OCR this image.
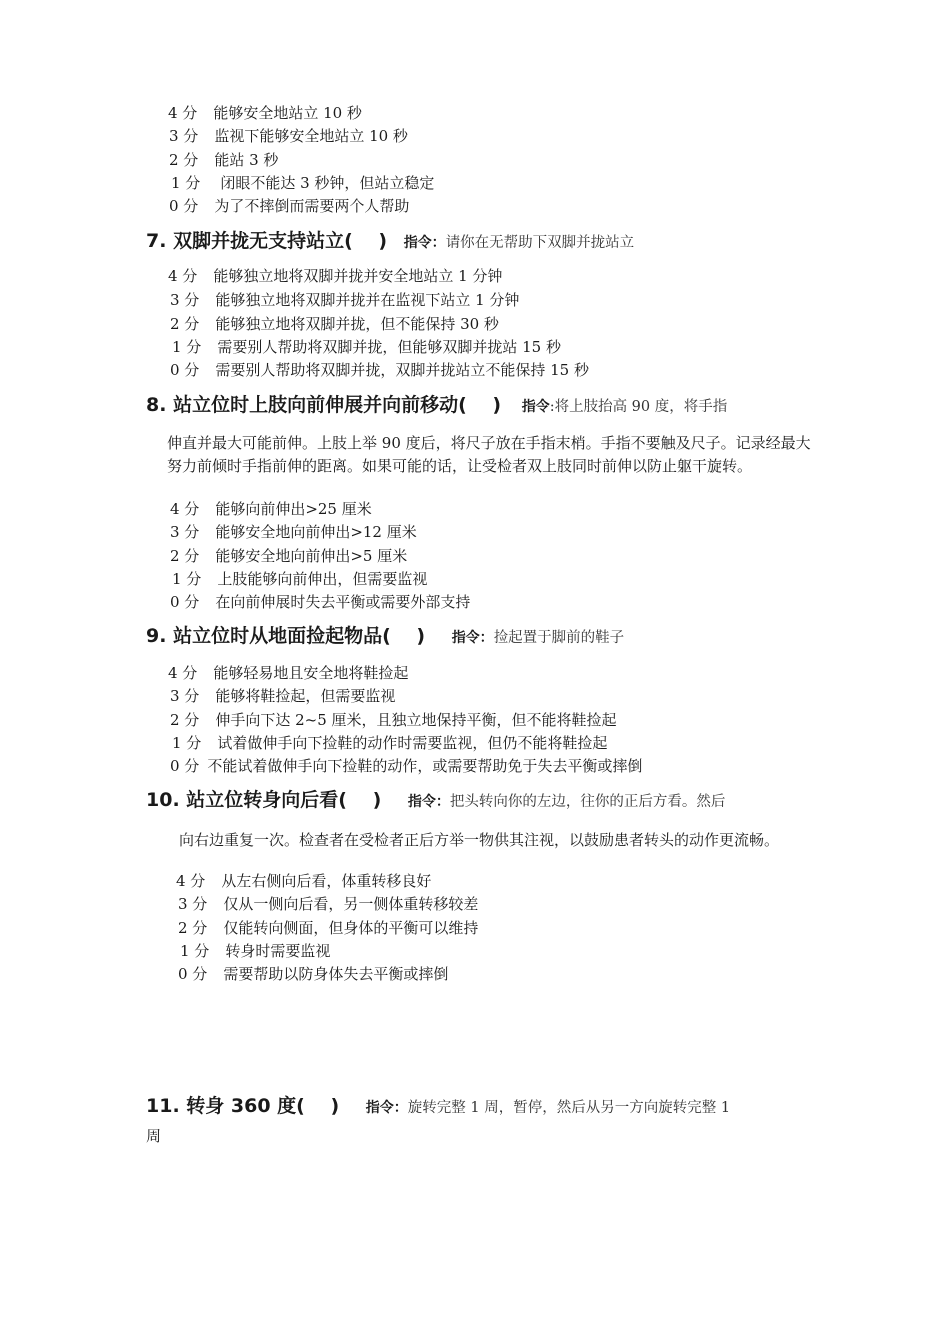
4 分 能够安全地站立 10 秒
3 分 监视下能够安全地站立 10 秒
2 分 能站 3 秒
1 分 闭眼不能达 3 秒钟，但站立稳定
0 分 为了不摔倒而需要两个人帮助
7. 双脚并拢无支持站立(　 ) 指令：请你在无帮助下双脚并拢站立
4 分 能够独立地将双脚并拢并安全地站立 1 分钟
3 分 能够独立地将双脚并拢并在监视下站立 1 分钟
2 分 能够独立地将双脚并拢，但不能保持 30 秒
1 分 需要别人帮助将双脚并拢，但能够双脚并拢站 15 秒
0 分 需要别人帮助将双脚并拢，双脚并拢站立不能保持 15 秒
8. 站立位时上肢向前伸展并向前移动(　 ) 指令:将上肢抬高 90 度，将手指
伸直并最大可能前伸。上肢上举 90 度后，将尺子放在手指末梢。手指不要触及尺子。记录经最大努力前倾时手指前伸的距离。如果可能的话，让受检者双上肢同时前伸以防止躯干旋转。
4 分 能够向前伸出>25 厘米
3 分 能够安全地向前伸出>12 厘米
2 分 能够安全地向前伸出>5 厘米
1 分 上肢能够向前伸出，但需要监视
0 分 在向前伸展时失去平衡或需要外部支持
9. 站立位时从地面捡起物品(　 ) 指令：捡起置于脚前的鞋子
4 分 能够轻易地且安全地将鞋捡起
3 分 能够将鞋捡起，但需要监视
2 分 伸手向下达 2~5 厘米，且独立地保持平衡，但不能将鞋捡起
1 分 试着做伸手向下捡鞋的动作时需要监视，但仍不能将鞋捡起
0 分 不能试着做伸手向下捡鞋的动作，或需要帮助免于失去平衡或摔倒
10. 站立位转身向后看(　 ) 指令：把头转向你的左边，往你的正后方看。然后
向右边重复一次。检查者在受检者正后方举一物供其注视，以鼓励患者转头的动作更流畅。
4 分 从左右侧向后看，体重转移良好
3 分 仅从一侧向后看，另一侧体重转移较差
2 分 仅能转向侧面，但身体的平衡可以维持
1 分 转身时需要监视
0 分 需要帮助以防身体失去平衡或摔倒
11. 转身 360 度(　 ) 指令：旋转完整 1 周，暂停，然后从另一方向旋转完整 1
周
